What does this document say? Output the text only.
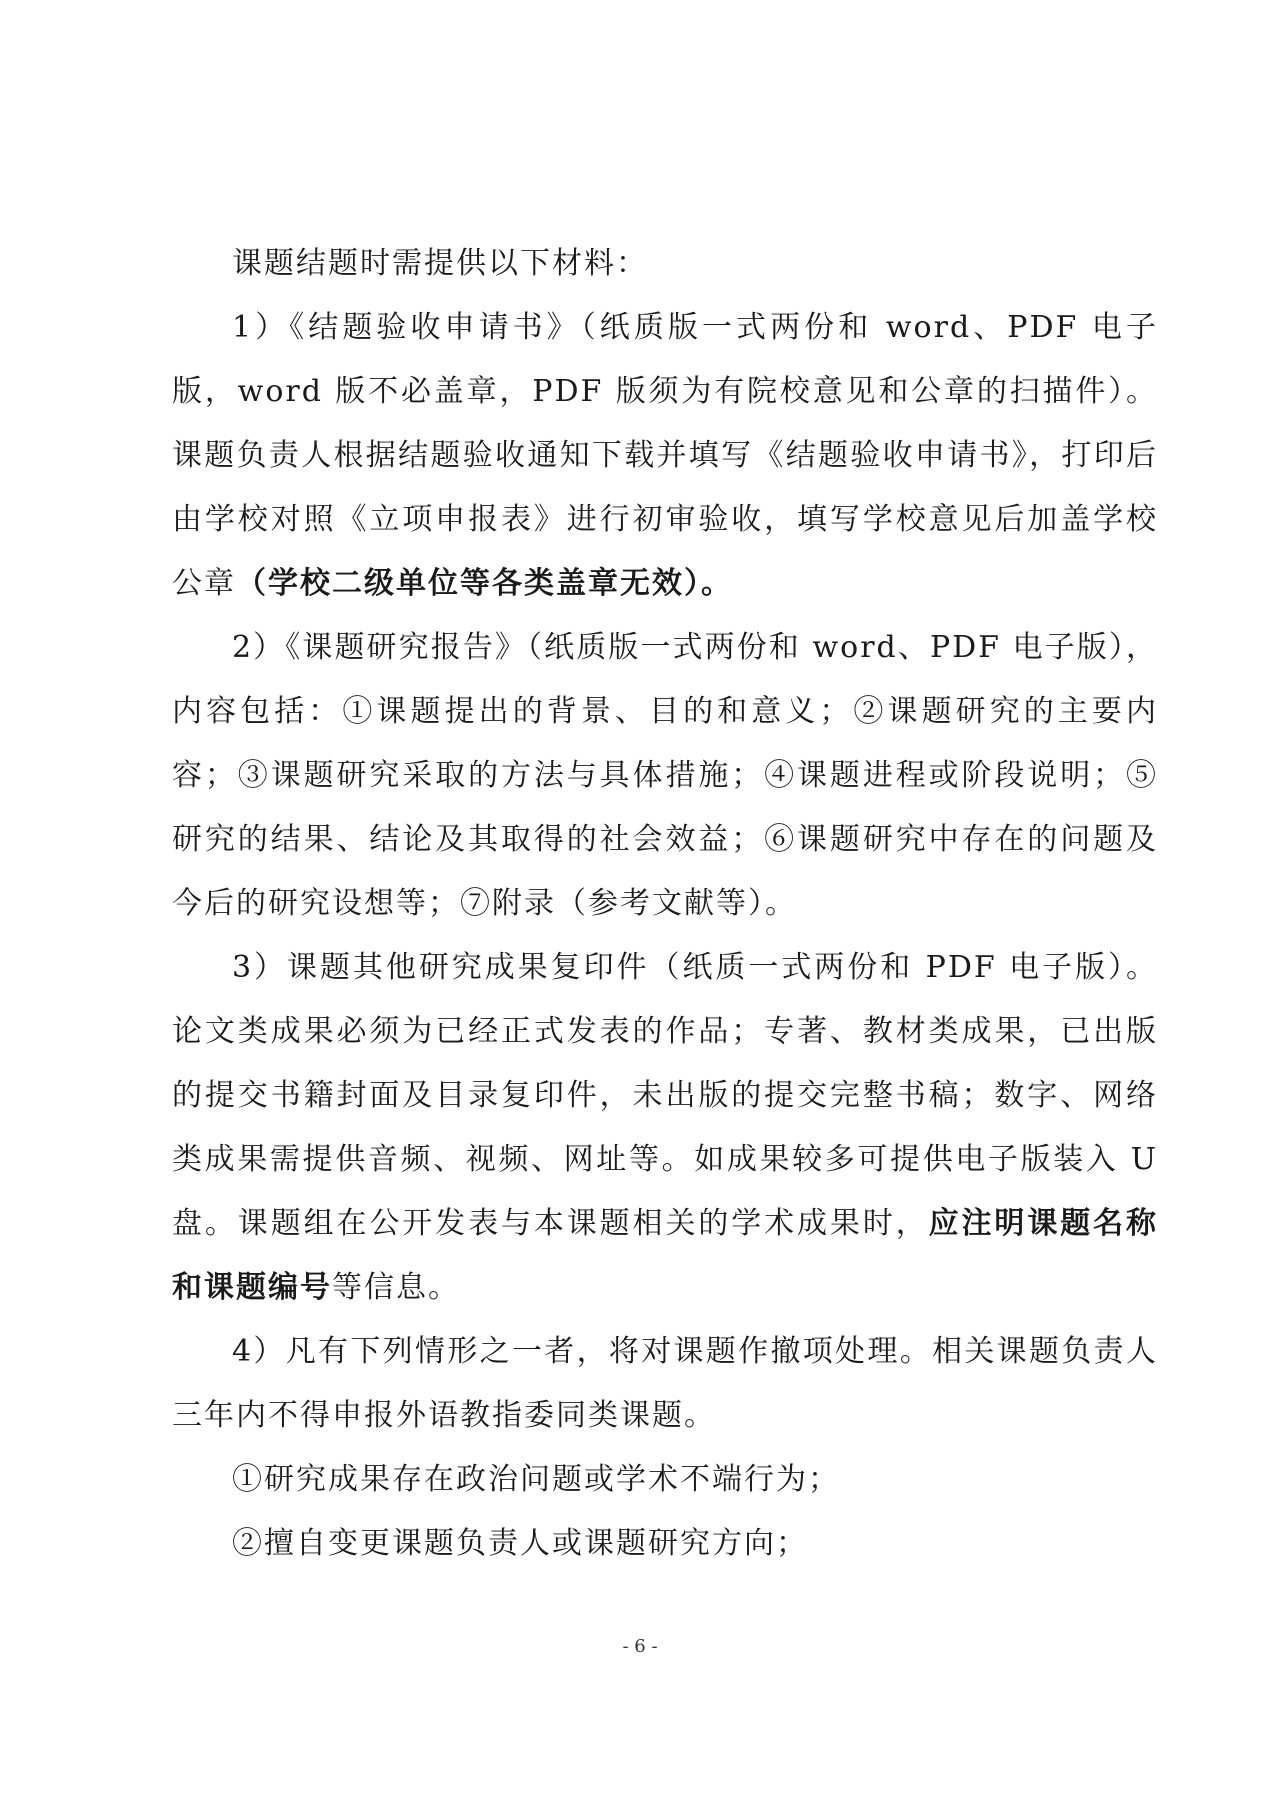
课题结题时需提供以下材料：

1）《结题验收申请书》（纸质版一式两份和 word、PDF 电子版，word 版不必盖章，PDF 版须为有院校意见和公章的扫描件）。课题负责人根据结题验收通知下载并填写《结题验收申请书》，打印后由学校对照《立项申报表》进行初审验收，填写学校意见后加盖学校公章（学校二级单位等各类盖章无效）。

2）《课题研究报告》（纸质版一式两份和 word、PDF 电子版），内容包括：①课题提出的背景、目的和意义；②课题研究的主要内容；③课题研究采取的方法与具体措施；④课题进程或阶段说明；⑤研究的结果、结论及其取得的社会效益；⑥课题研究中存在的问题及今后的研究设想等；⑦附录（参考文献等）。

3）课题其他研究成果复印件（纸质一式两份和 PDF 电子版）。论文类成果必须为已经正式发表的作品；专著、教材类成果，已出版的提交书籍封面及目录复印件，未出版的提交完整书稿；数字、网络类成果需提供音频、视频、网址等。如成果较多可提供电子版装入 U 盘。课题组在公开发表与本课题相关的学术成果时，应注明课题名称和课题编号等信息。

4）凡有下列情形之一者，将对课题作撤项处理。相关课题负责人三年内不得申报外语教指委同类课题。

①研究成果存在政治问题或学术不端行为；

②擅自变更课题负责人或课题研究方向；

- 6 -
